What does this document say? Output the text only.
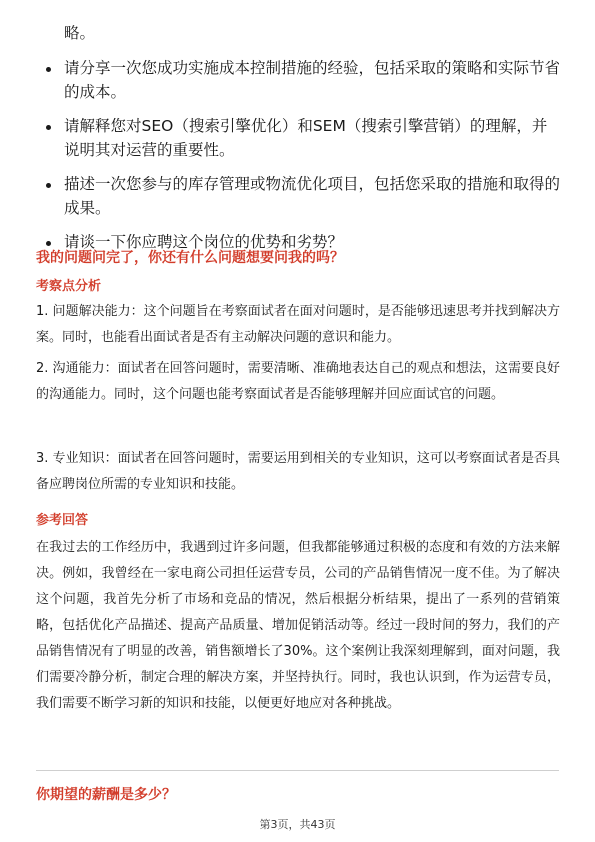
略。

请分享一次您成功实施成本控制措施的经验，包括采取的策略和实际节省的成本。
请解释您对SEO（搜索引擎优化）和SEM（搜索引擎营销）的理解，并说明其对运营的重要性。
描述一次您参与的库存管理或物流优化项目，包括您采取的措施和取得的成果。
请谈一下你应聘这个岗位的优势和劣势？
我的问题问完了，你还有什么问题想要问我的吗？
考察点分析

1. 问题解决能力：这个问题旨在考察面试者在面对问题时，是否能够迅速思考并找到解决方案。同时，也能看出面试者是否有主动解决问题的意识和能力。

2. 沟通能力：面试者在回答问题时，需要清晰、准确地表达自己的观点和想法，这需要良好的沟通能力。同时，这个问题也能考察面试者是否能够理解并回应面试官的问题。

3. 专业知识：面试者在回答问题时，需要运用到相关的专业知识，这可以考察面试者是否具备应聘岗位所需的专业知识和技能。

参考回答

在我过去的工作经历中，我遇到过许多问题，但我都能够通过积极的态度和有效的方法来解决。例如，我曾经在一家电商公司担任运营专员，公司的产品销售情况一度不佳。为了解决这个问题，我首先分析了市场和竞品的情况，然后根据分析结果，提出了一系列的营销策略，包括优化产品描述、提高产品质量、增加促销活动等。经过一段时间的努力，我们的产品销售情况有了明显的改善，销售额增长了30%。这个案例让我深刻理解到，面对问题，我们需要冷静分析，制定合理的解决方案，并坚持执行。同时，我也认识到，作为运营专员，我们需要不断学习新的知识和技能，以便更好地应对各种挑战。

你期望的薪酬是多少？
第3页，共43页
